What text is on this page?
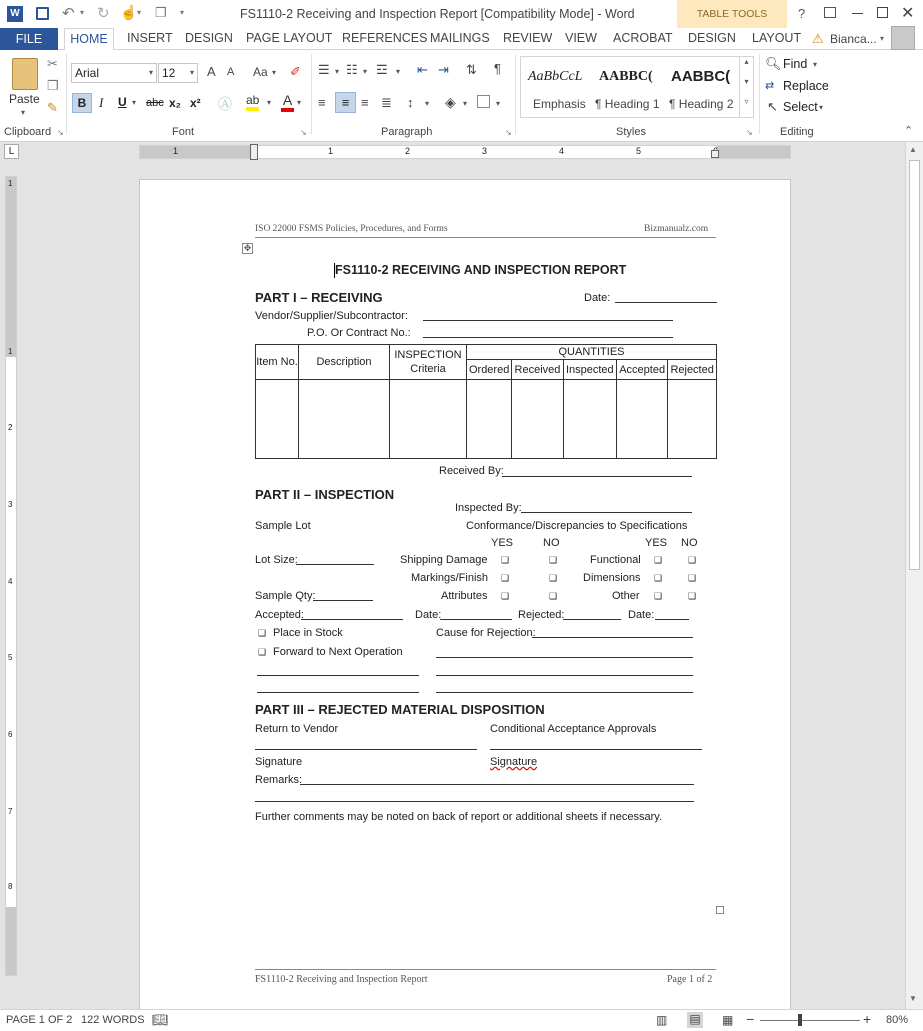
W	↶ ▾ ↻ ☝ ▾ ❐ ▾	FS1110-2 Receiving and Inspection Report [Compatibility Mode] - Word	TABLE TOOLS	?	✕
FILE	HOME	INSERT DESIGN PAGE LAYOUT REFERENCES MAILINGS REVIEW VIEW ACROBAT DESIGN LAYOUT ⚠ Bianca... ▾
Paste
▾
✂
❐
✎
Clipboard ↘
Arial	▾ 12 ▾ A A Aa ▾ ✐
B I U ▾ abc x₂ x² Ⓐ ab ▾ A ▾
Font	↘
☰ ▾ ☷ ▾ ☲ ▾ ⇤ ⇥ ⇅ ¶
≡	≡ ≡ ≣ ↕ ▾ ◈ ▾	▾
Paragraph	↘
AaBbCcL
Emphasis
AABBC(
¶ Heading 1
AABBC(
¶ Heading 2
▴
▾
▿
Styles	↘
🔍︎ Find ▾
⇄ Replace
↖ Select ▾
Editing	⌃
L	1	1	2	3	4	5	▲
▼
1
1
2
3
4
5
6
7
8
ISO 22000 FSMS Policies, Procedures, and Forms	Bizmanualz.com
✥
FS1110-2 RECEIVING AND INSPECTION REPORT
PART I – RECEIVING	Date:
Vendor/Supplier/Subcontractor:
P.O. Or Contract No.:
Item No.	Description	INSPECTION
Criteria	QUANTITIES				
			Ordered	Received	Inspected	Accepted	Rejected

Received By:
PART II – INSPECTION
Inspected By:
Sample Lot	Conformance/Discrepancies to Specifications
YES	NO	YES NO
Lot Size:	Shipping Damage ❑	❑	Functional ❑	❑
Markings/Finish ❑	❑ Dimensions ❑	❑
Sample Qty:	Attributes ❑	❑	Other ❑	❑
Accepted:	Date:	Rejected:	Date:
❑ Place in Stock	Cause for Rejection:
❑ Forward to Next Operation
PART III – REJECTED MATERIAL DISPOSITION
Return to Vendor	Conditional Acceptance Approvals
Signature	Signature
Remarks:
Further comments may be noted on back of report or additional sheets if necessary.
FS1110-2 Receiving and Inspection Report	Page 1 of 2
PAGE 1 OF 2 122 WORDS 📖︎	▥ ▤ ▦ −	+ 80%
